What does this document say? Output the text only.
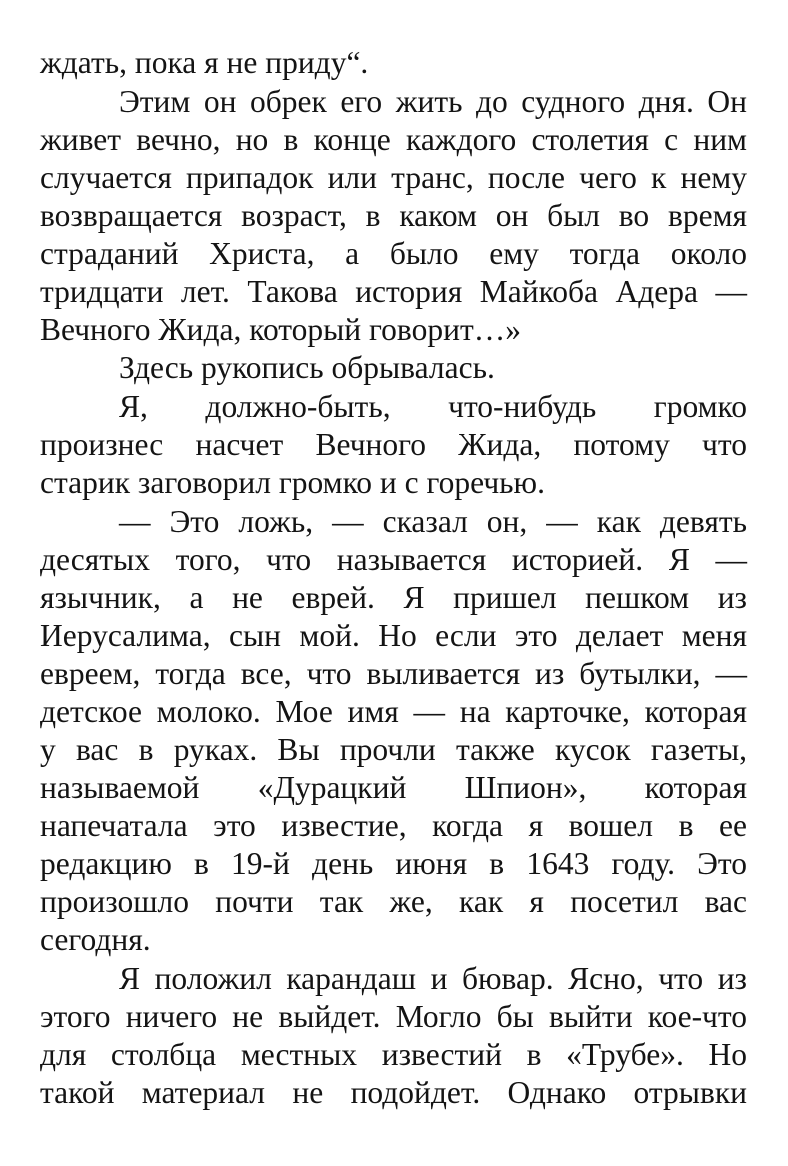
ждать, пока я не приду“.
Этим он обрек его жить до судного дня. Он
живет вечно, но в конце каждого столетия с ним
случается припадок или транс, после чего к нему
возвращается возраст, в каком он был во время
страданий Христа, а было ему тогда около
тридцати лет. Такова история Майкоба Адера —
Вечного Жида, который говорит…»
Здесь рукопись обрывалась.
Я, должно-быть, что-нибудь громко
произнес насчет Вечного Жида, потому что
старик заговорил громко и с горечью.
— Это ложь, — сказал он, — как девять
десятых того, что называется историей. Я —
язычник, а не еврей. Я пришел пешком из
Иерусалима, сын мой. Но если это делает меня
евреем, тогда все, что выливается из бутылки, —
детское молоко. Мое имя — на карточке, которая
у вас в руках. Вы прочли также кусок газеты,
называемой «Дурацкий Шпион», которая
напечатала это известие, когда я вошел в ее
редакцию в 19-й день июня в 1643 году. Это
произошло почти так же, как я посетил вас
сегодня.
Я положил карандаш и бювар. Ясно, что из
этого ничего не выйдет. Могло бы выйти кое-что
для столбца местных известий в «Трубе». Но
такой материал не подойдет. Однако отрывки
